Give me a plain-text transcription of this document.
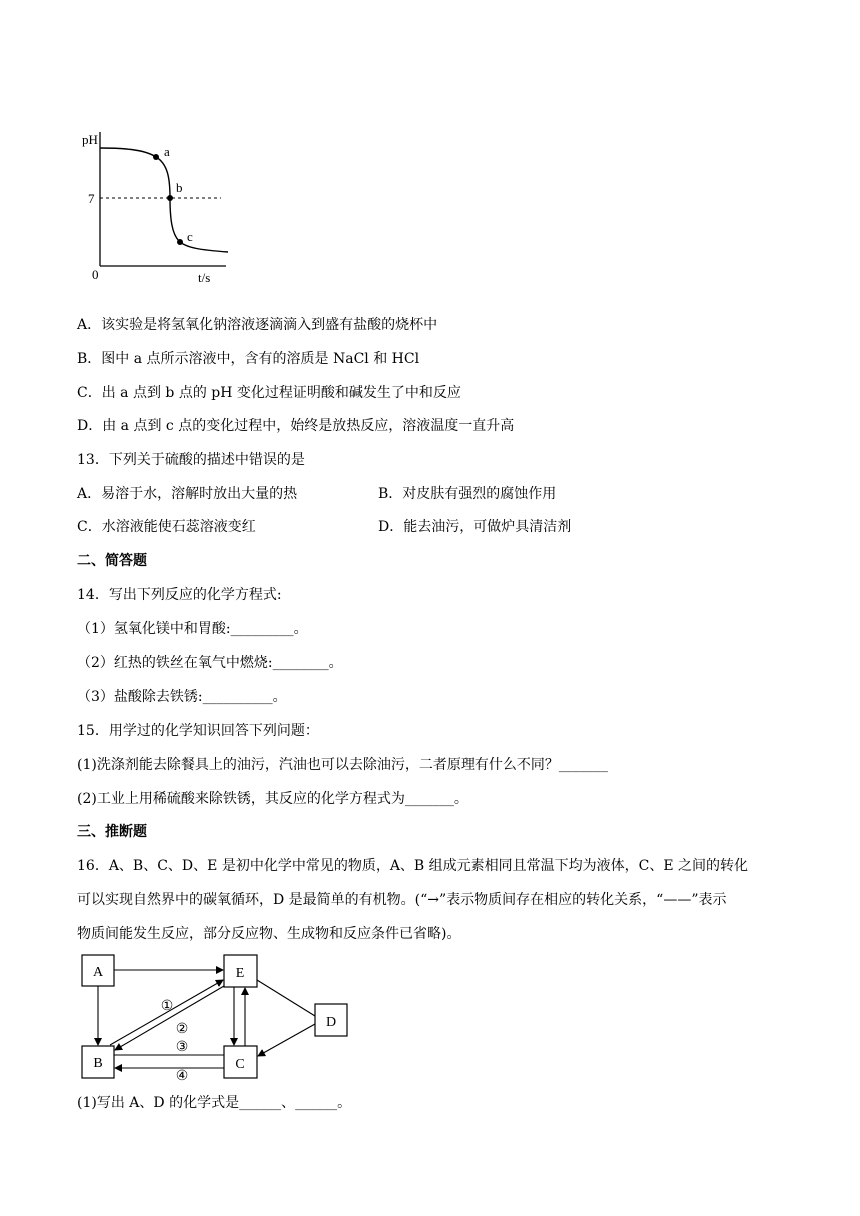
pH
7
0	t/s
a
b
c
A．该实验是将氢氧化钠溶液逐滴滴入到盛有盐酸的烧杯中
B．图中 a 点所示溶液中，含有的溶质是 NaCl 和 HCl
C．出 a 点到 b 点的 pH 变化过程证明酸和碱发生了中和反应
D．由 a 点到 c 点的变化过程中，始终是放热反应，溶液温度一直升高
13．下列关于硫酸的描述中错误的是
A．易溶于水，溶解时放出大量的热	B．对皮肤有强烈的腐蚀作用
C．水溶液能使石蕊溶液变红	D．能去油污，可做炉具清洁剂
二、简答题
14．写出下列反应的化学方程式:
（1）氢氧化镁中和胃酸:_________。
（2）红热的铁丝在氧气中燃烧:________。
（3）盐酸除去铁锈:__________。
15．用学过的化学知识回答下列问题：
(1)洗涤剂能去除餐具上的油污，汽油也可以去除油污，二者原理有什么不同？_______
(2)工业上用稀硫酸来除铁锈，其反应的化学方程式为_______。
三、推断题
16．A、B、C、D、E 是初中化学中常见的物质，A、B 组成元素相同且常温下均为液体，C、E 之间的转化
可以实现自然界中的碳氧循环，D 是最简单的有机物。(“→”表示物质间存在相应的转化关系，“——”表示
物质间能发生反应，部分反应物、生成物和反应条件已省略)。
A	E
D
B	C
①
②
③
④
(1)写出 A、D 的化学式是______、______。
